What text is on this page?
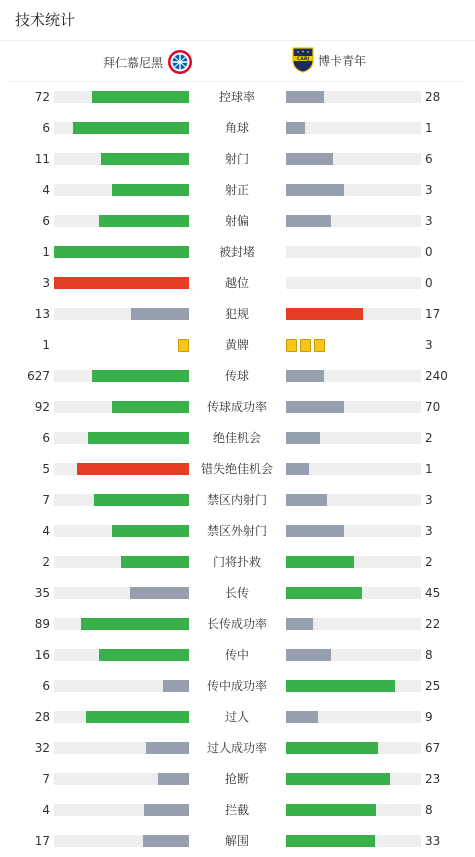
技术统计
拜仁慕尼黑	CABJ 博卡青年
72	控球率	28
6	角球	1
11	射门	6
4	射正	3
6	射偏	3
1	被封堵	0
3	越位	0
13	犯规	17
1	黄牌	3
627	传球	240
92	传球成功率	70
6	绝佳机会	2
5	错失绝佳机会	1
7	禁区内射门	3
4	禁区外射门	3
2	门将扑救	2
35	长传	45
89	长传成功率	22
16	传中	8
6	传中成功率	25
28	过人	9
32	过人成功率	67
7	抢断	23
4	拦截	8
17	解围	33
